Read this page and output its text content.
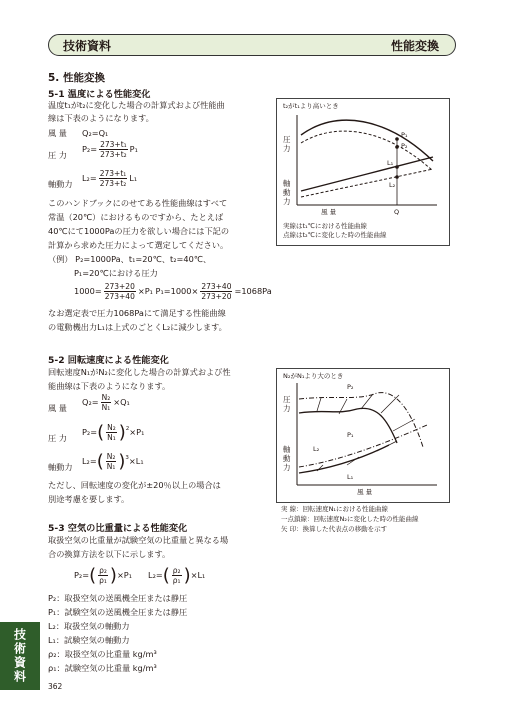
技術資料	性能変換
5. 性能変換
5-1 温度による性能変化
温度t₁がt₂に変化した場合の計算式および性能曲
線は下表のようになります。
風 量 Q₂=Q₁
圧 力
$P_2= \frac{\text{273+t₁}}{\text{273+t₂}} P_1$
軸動力
$L_2= \frac{\text{273+t₁}}{\text{273+t₂}} L_1$
このハンドブックにのせてある性能曲線はすべて
常温（20℃）におけるものですから、たとえば
40℃にて1000Paの圧力を欲しい場合には下記の
計算から求めた圧力によって選定してください。
（例） P₂=1000Pa、t₁=20℃、t₂=40℃、
P₁=20℃における圧力
$1000= \frac{273+20}{273+40} \times P_1$ $P_1=1000\times \frac{273+40}{273+20} =1068Pa$
なお選定表で圧力1068Paにて満足する性能曲線
の電動機出力L₁は上式のごとくL₂に減少します。
t₂がt₁より高いとき
圧力
軸動力
P₁
P₂
L₁
L₂
風 量	Q
実線はt₁℃における性能曲線
点線はt₂℃に変化した時の性能曲線
5-2 回転速度による性能変化
回転速度N₁がN₂に変化した場合の計算式および性
能曲線は下表のようになります。
風 量
$Q_2= \frac{\text{N₂}}{\text{N₁}} \times Q_1$
圧 力
P₂= ( $\frac{\text{N₂}}{\text{N₁}} )^2 \times P_1$
軸動力
L₂= ( $\frac{\text{N₂}}{\text{N₁}} )^3 \times L_1$
ただし、回転速度の変化が±20％以上の場合は
別途考慮を要します。
N₂がN₁より大のとき
圧力
軸動力
P₂
P₁
L₂
L₁
風 量
実 線：回転速度N₁における性能曲線
一点鎖線：回転速度N₂に変化した時の性能曲線
矢 印：換算した代表点の移動を示す
5-3 空気の比重量による性能変化
取扱空気の比重量が試験空気の比重量と異なる場
合の換算方法を以下に示します。
P₂= ( $\frac{\text{ρ₂}}{\text{ρ₁}}$ ) ×P₁ L₂= ( $\frac{\text{ρ₂}}{\text{ρ₁}}$ ) ×L₁
P₂：取扱空気の送風機全圧または静圧
P₁：試験空気の送風機全圧または静圧
L₂：取扱空気の軸動力
L₁：試験空気の軸動力
ρ₂：取扱空気の比重量 kg/m³
ρ₁：試験空気の比重量 kg/m³
技術資料
362
